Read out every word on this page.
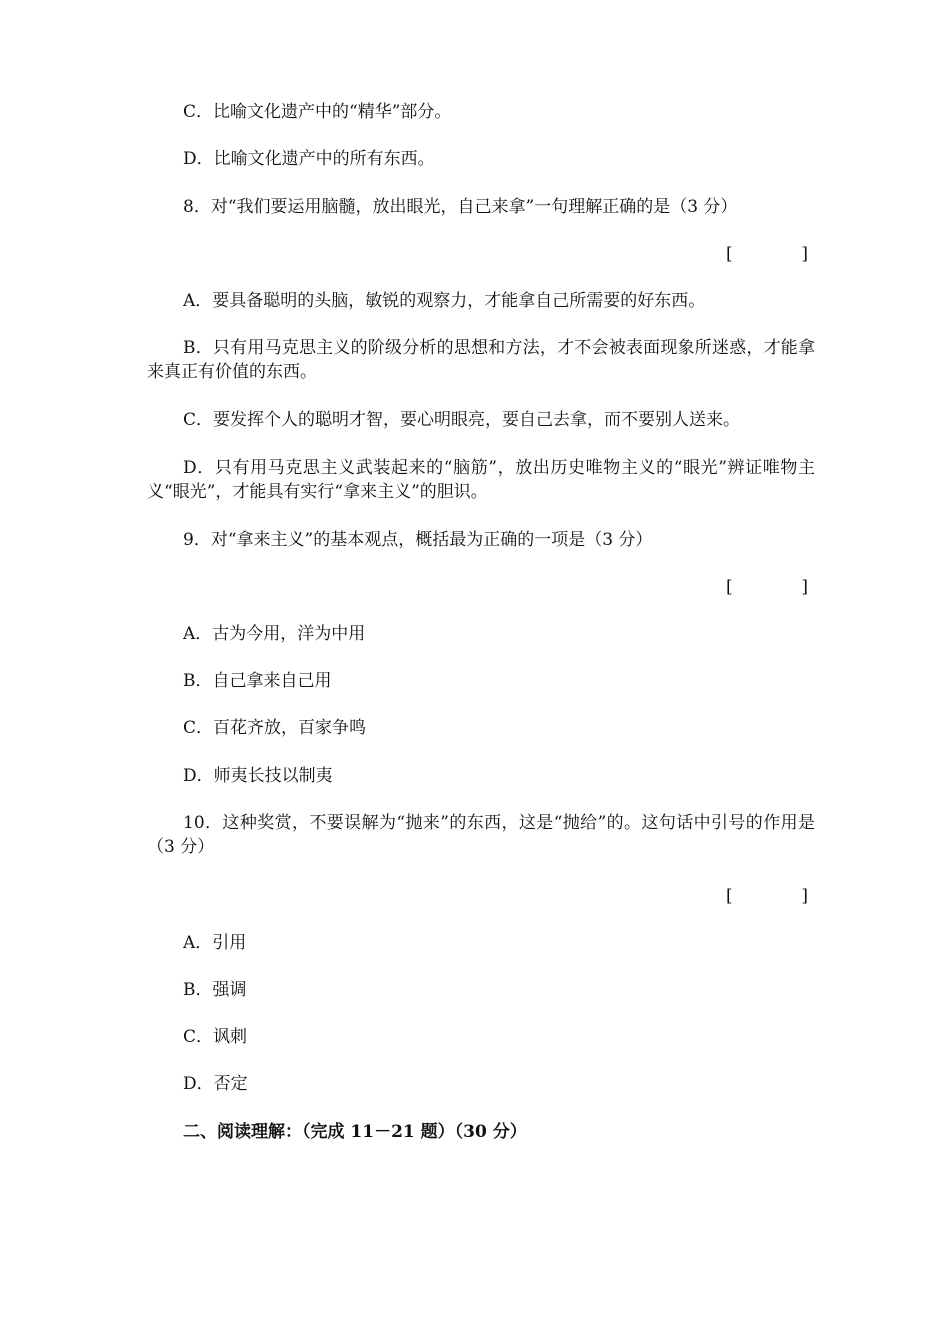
C．比喻文化遗产中的“精华”部分。
D．比喻文化遗产中的所有东西。
8．对“我们要运用脑髓，放出眼光，自己来拿”一句理解正确的是（3 分）
[	]
A．要具备聪明的头脑，敏锐的观察力，才能拿自己所需要的好东西。
B．只有用马克思主义的阶级分析的思想和方法，才不会被表面现象所迷惑，才能拿来真正有价值的东西。
C．要发挥个人的聪明才智，要心明眼亮，要自己去拿，而不要别人送来。
D．只有用马克思主义武装起来的“脑筋”，放出历史唯物主义的“眼光”辨证唯物主义“眼光”，才能具有实行“拿来主义”的胆识。
9．对“拿来主义”的基本观点，概括最为正确的一项是（3 分）
[	]
A．古为今用，洋为中用
B．自己拿来自己用
C．百花齐放，百家争鸣
D．师夷长技以制夷
10．这种奖赏，不要误解为“抛来”的东西，这是“抛给”的。这句话中引号的作用是（3 分）
[	]
A．引用
B．强调
C．讽刺
D．否定
二、阅读理解：（完成 11－21 题）（30 分）
